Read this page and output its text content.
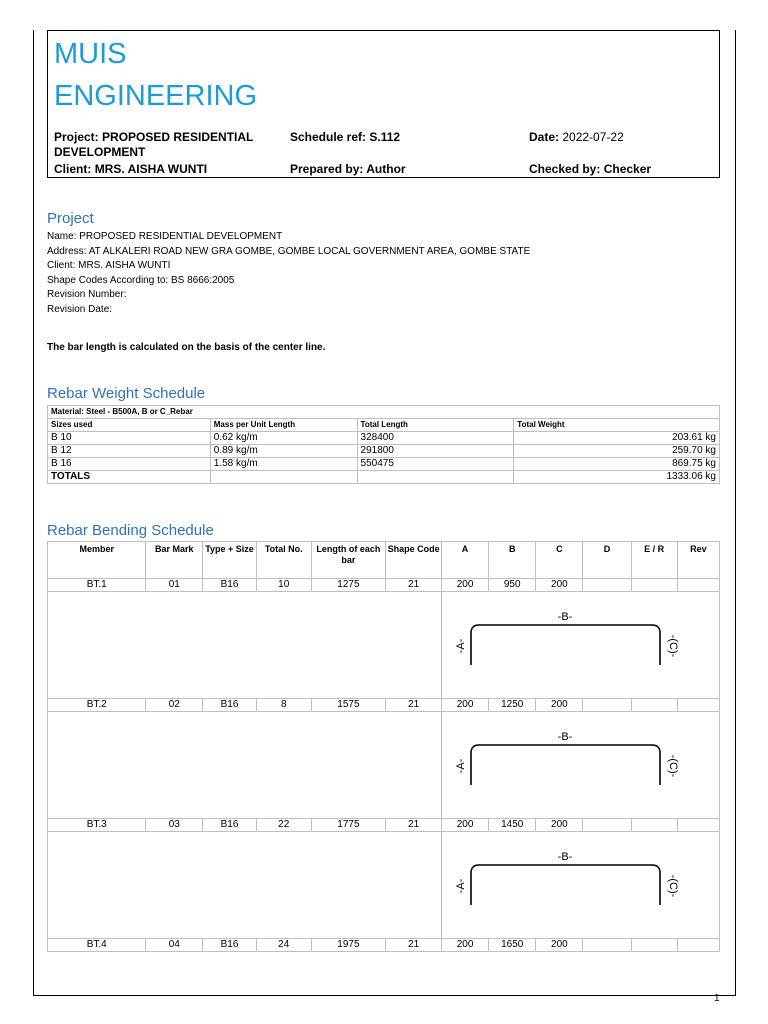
MUIS
ENGINEERING
Project: PROPOSED RESIDENTIAL DEVELOPMENT
Schedule ref: S.112	Date: 2022-07-22
Client: MRS. AISHA WUNTI	Prepared by: Author	Checked by: Checker
Project
Name: PROPOSED RESIDENTIAL DEVELOPMENT
Address: AT ALKALERI ROAD NEW GRA GOMBE, GOMBE LOCAL GOVERNMENT AREA, GOMBE STATE
Client: MRS. AISHA WUNTI
Shape Codes According to: BS 8666:2005
Revision Number:
Revision Date:
The bar length is calculated on the basis of the center line.
Rebar Weight Schedule
Material: Steel - B500A, B or C_Rebar			
Sizes used	Mass per Unit Length	Total Length	Total Weight
B 10	0.62 kg/m	328400	203.61 kg
B 12	0.89 kg/m	291800	259.70 kg
B 16	1.58 kg/m	550475	869.75 kg
TOTALS			1333.06 kg
Rebar Bending Schedule
Member	Bar Mark	Type + Size	Total No.	Length of each bar	Shape Code	A	B	C	D	E / R	Rev
BT.1	01	B16	10	1275	21	200	950	200			

-B-
-A- -(C)-					

BT.2	02	B16	8	1575	21	200	1250	200			

-B-
-A- -(C)-					

BT.3	03	B16	22	1775	21	200	1450	200			

-B-
-A- -(C)-					

BT.4	04	B16	24	1975	21	200	1650	200			
1
